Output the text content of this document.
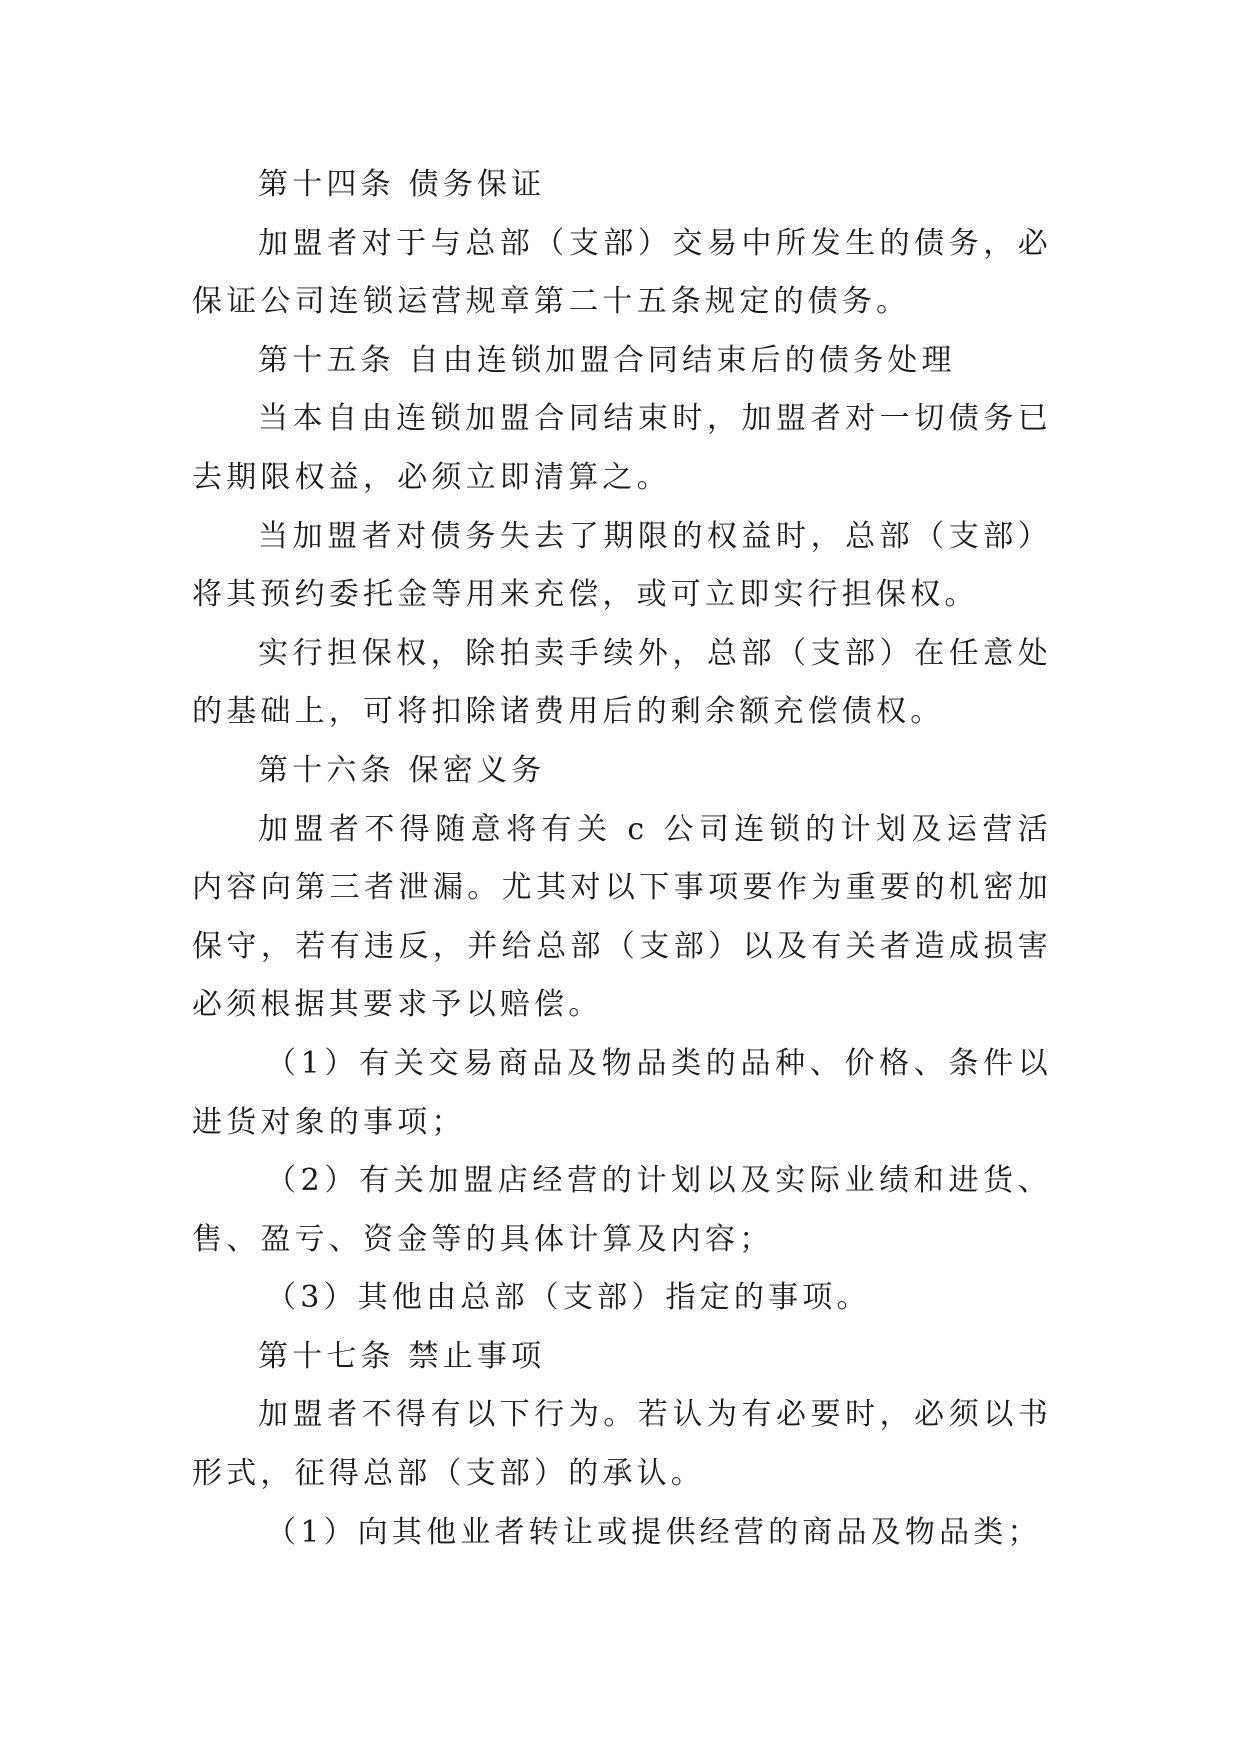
第十四条 债务保证
加盟者对于与总部（支部）交易中所发生的债务，必
保证公司连锁运营规章第二十五条规定的债务。
第十五条 自由连锁加盟合同结束后的债务处理
当本自由连锁加盟合同结束时，加盟者对一切债务已
去期限权益，必须立即清算之。
当加盟者对债务失去了期限的权益时，总部（支部）
将其预约委托金等用来充偿，或可立即实行担保权。
实行担保权，除拍卖手续外，总部（支部）在任意处
的基础上，可将扣除诸费用后的剩余额充偿债权。
第十六条 保密义务
加盟者不得随意将有关 c 公司连锁的计划及运营活
内容向第三者泄漏。尤其对以下事项要作为重要的机密加
保守，若有违反，并给总部（支部）以及有关者造成损害
必须根据其要求予以赔偿。
（1）有关交易商品及物品类的品种、价格、条件以
进货对象的事项；
（2）有关加盟店经营的计划以及实际业绩和进货、
售、盈亏、资金等的具体计算及内容；
（3）其他由总部（支部）指定的事项。
第十七条 禁止事项
加盟者不得有以下行为。若认为有必要时，必须以书
形式，征得总部（支部）的承认。
（1）向其他业者转让或提供经营的商品及物品类；
